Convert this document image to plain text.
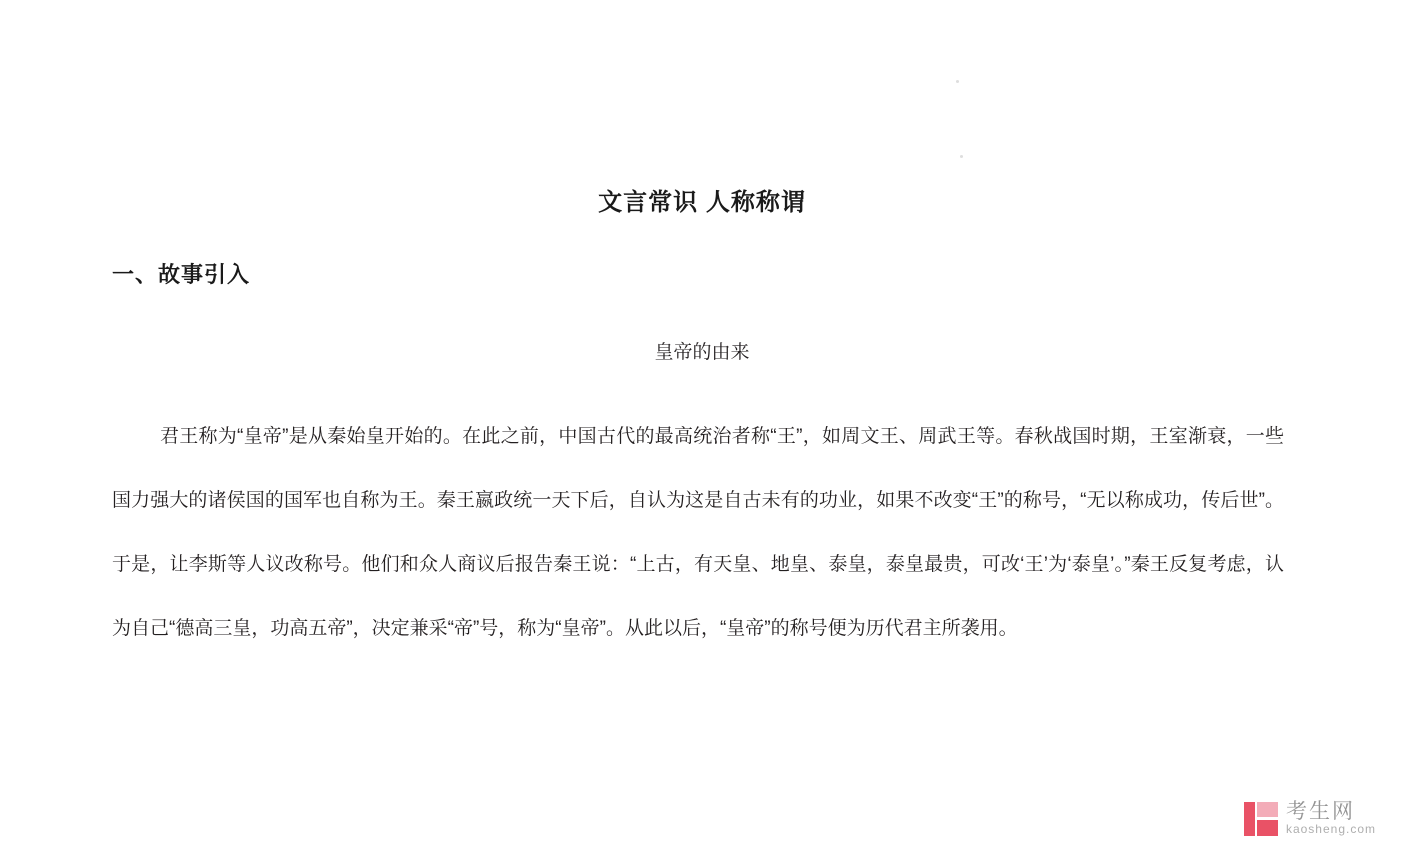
文言常识 人称称谓
一、故事引入
皇帝的由来
君王称为“皇帝”是从秦始皇开始的。在此之前，中国古代的最高统治者称“王”，如周文王、周武王等。春秋战国时期，王室渐衰，一些国力强大的诸侯国的国军也自称为王。秦王嬴政统一天下后，自认为这是自古未有的功业，如果不改变“王”的称号，“无以称成功，传后世”。于是，让李斯等人议改称号。他们和众人商议后报告秦王说：“上古，有天皇、地皇、泰皇，泰皇最贵，可改‘王’为‘泰皇’。”秦王反复考虑，认为自己“德高三皇，功高五帝”，决定兼采“帝”号，称为“皇帝”。从此以后，“皇帝”的称号便为历代君主所袭用。
考生网
kaosheng.com
